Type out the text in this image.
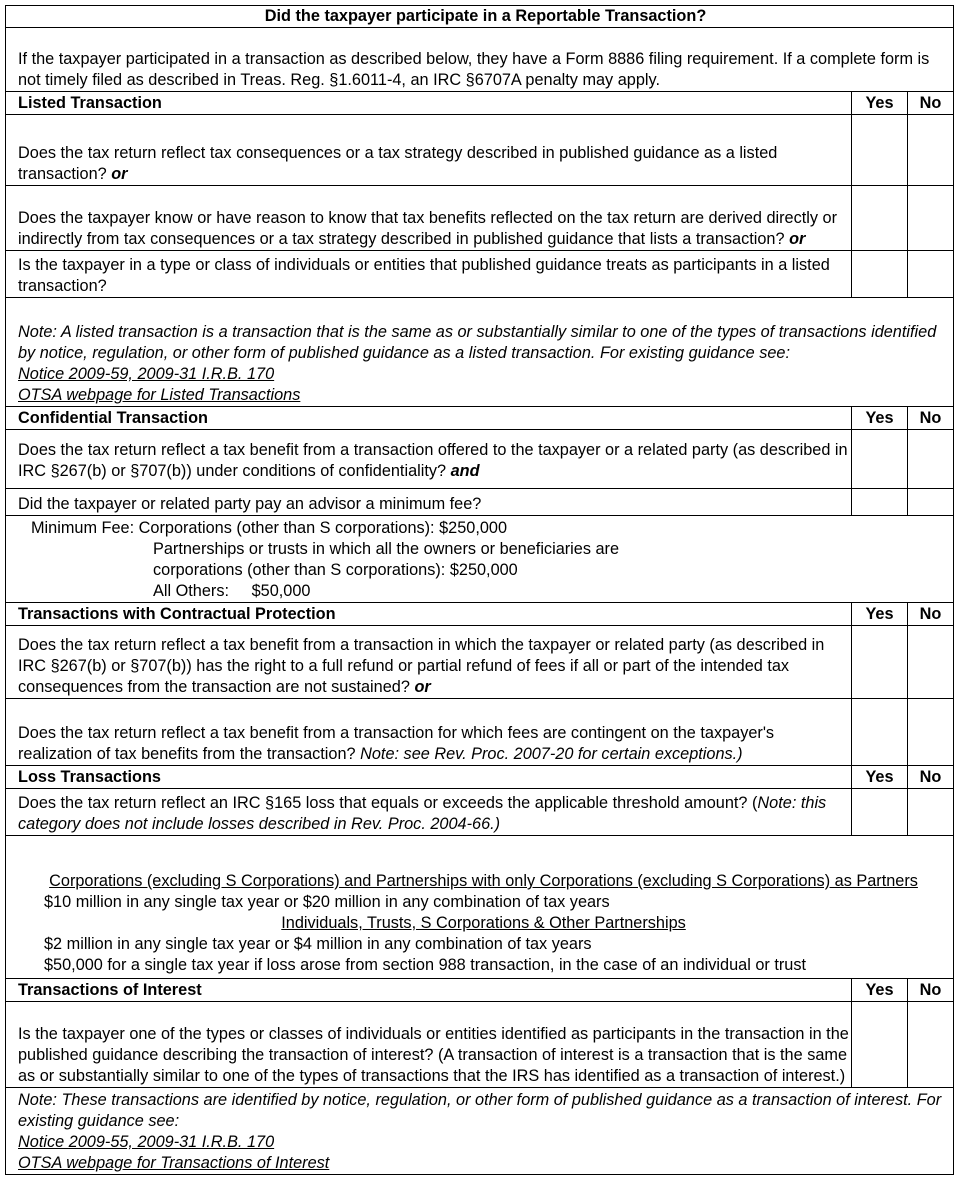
Did the taxpayer participate in a Reportable Transaction?		
If the taxpayer participated in a transaction as described below, they have a Form 8886 filing requirement. If a complete form is not timely filed as described in Treas. Reg. §1.6011-4, an IRC §6707A penalty may apply.		
Listed Transaction	Yes	No
Does the tax return reflect tax consequences or a tax strategy described in published guidance as a listed transaction? or		
Does the taxpayer know or have reason to know that tax benefits reflected on the tax return are derived directly or indirectly from tax consequences or a tax strategy described in published guidance that lists a transaction? or		
Is the taxpayer in a type or class of individuals or entities that published guidance treats as participants in a listed transaction?		
Note: A listed transaction is a transaction that is the same as or substantially similar to one of the types of transactions identified by notice, regulation, or other form of published guidance as a listed transaction. For existing guidance see:
Notice 2009-59, 2009-31 I.R.B. 170
OTSA webpage for Listed Transactions		

Confidential Transaction	Yes	No
Does the tax return reflect a tax benefit from a transaction offered to the taxpayer or a related party (as described in IRC §267(b) or §707(b)) under conditions of confidentiality? and		
Did the taxpayer or related party pay an advisor a minimum fee?		

Minimum Fee: Corporations (other than S corporations): $250,000
Partnerships or trusts in which all the owners or beneficiaries are
corporations (other than S corporations): $250,000
All Others:     $50,000		

Transactions with Contractual Protection	Yes	No
Does the tax return reflect a tax benefit from a transaction in which the taxpayer or related party (as described in IRC §267(b) or §707(b)) has the right to a full refund or partial refund of fees if all or part of the intended tax consequences from the transaction are not sustained? or		
Does the tax return reflect a tax benefit from a transaction for which fees are contingent on the taxpayer's realization of tax benefits from the transaction? Note: see Rev. Proc. 2007-20 for certain exceptions.)		
Loss Transactions	Yes	No
Does the tax return reflect an IRC §165 loss that equals or exceeds the applicable threshold amount? (Note: this category does not include losses described in Rev. Proc. 2004-66.)		

Corporations (excluding S Corporations) and Partnerships with only Corporations (excluding S Corporations) as Partners
$10 million in any single tax year or $20 million in any combination of tax years
Individuals, Trusts, S Corporations & Other Partnerships
$2 million in any single tax year or $4 million in any combination of tax years
$50,000 for a single tax year if loss arose from section 988 transaction, in the case of an individual or trust		

Transactions of Interest	Yes	No
Is the taxpayer one of the types or classes of individuals or entities identified as participants in the transaction in the published guidance describing the transaction of interest? (A transaction of interest is a transaction that is the same as or substantially similar to one of the types of transactions that the IRS has identified as a transaction of interest.)		
Note: These transactions are identified by notice, regulation, or other form of published guidance as a transaction of interest. For existing guidance see:
Notice 2009-55, 2009-31 I.R.B. 170
OTSA webpage for Transactions of Interest		
